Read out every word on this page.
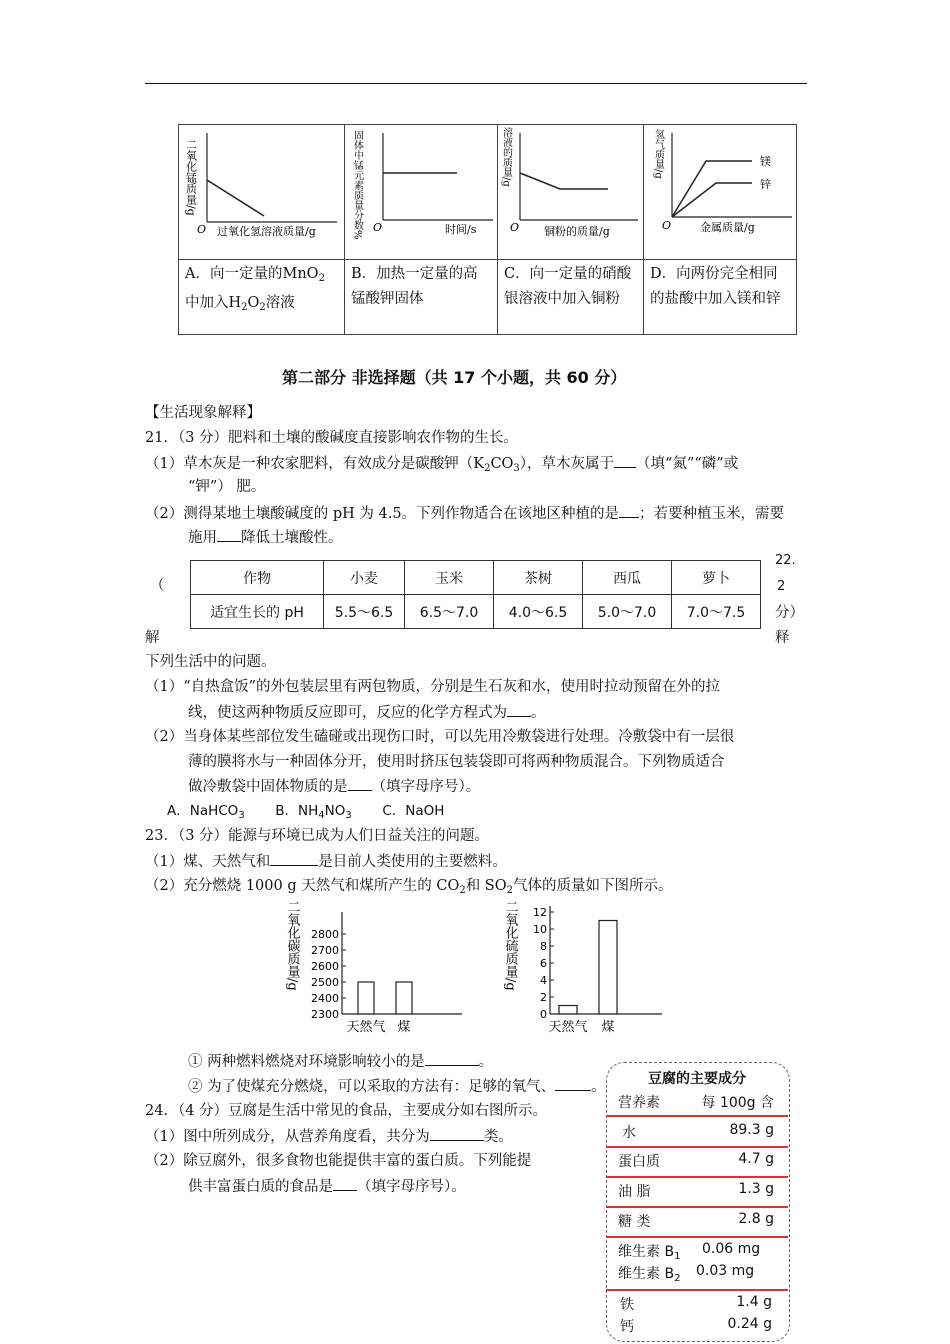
二氧化锰质量/g
O 过氧化氢溶液质量/g	固体中锰元素质量分数% O 时间/s	溶液的质量/g
O 铜粉的质量/g	氢气质量/g 镁
锌
O 金属质量/g

A．向一定量的MnO$_2$中加入$H_2O_2$溶液	B．加热一定量的高锰酸钾固体	C．向一定量的硝酸银溶液中加入铜粉	D．向两份完全相同的盐酸中加入镁和锌
第二部分 非选择题（共 17 个小题，共 60 分）
【生活现象解释】
21．（3 分）肥料和土壤的酸碱度直接影响农作物的生长。
（1）草木灰是一种农家肥料，有效成分是碳酸钾$(K_2CO_3)$，草木灰属于 （填“氮”“磷”或
“钾”） 肥。
（2）测得某地土壤酸碱度的 pH 为 4.5。下列作物适合在该地区种植的是 ；若要种植玉米，需要
施用 降低土壤酸性。
作物	小麦	玉米	茶树	西瓜	萝卜
适宜生长的 pH	5.5～6.5	6.5～7.0	4.0～6.5	5.0～7.0	7.0～7.5
（
解
22.
2
分）
释
下列生活中的问题。
（1）“自热盒饭”的外包装层里有两包物质，分别是生石灰和水，使用时拉动预留在外的拉
线，使这两种物质反应即可，反应的化学方程式为 。
（2）当身体某些部位发生磕碰或出现伤口时，可以先用冷敷袋进行处理。冷敷袋中有一层很
薄的膜将水与一种固体分开，使用时挤压包装袋即可将两种物质混合。下列物质适合
做冷敷袋中固体物质的是 （填字母序号）。
A．NaHCO$_3$ B．$NH_4NO_3$ C．NaOH
23．（3 分）能源与环境已成为人们日益关注的问题。
（1）煤、天然气和	是目前人类使用的主要燃料。
（2）充分燃烧 1000 g 天然气和煤所产生的 $CO_2$和 $SO_2$气体的质量如下图所示。
二氧化碳质量/g
2300
2400
2500
2600
2700
2800
天然气 煤
二氧化硫质量/g
0
2
4
6
8
10
12
天然气 煤
① 两种燃料燃烧对环境影响较小的是	。
② 为了使煤充分燃烧，可以采取的方法有：足够的氧气、 。
24．（4 分）豆腐是生活中常见的食品，主要成分如右图所示。
（1）图中所列成分，从营养角度看，共分为	类。
（2）除豆腐外，很多食物也能提供丰富的蛋白质。下列能提
供丰富蛋白质的食品是 （填字母序号）。
豆腐的主要成分
营养素	每 100g 含
水	89.3 g
蛋白质	4.7 g
油 脂	1.3 g
糖 类	2.8 g
维生素 $B_1$ 0.06 mg
维生素 $B_2$ 0.03 mg
铁	1.4 g
钙	0.24 g
